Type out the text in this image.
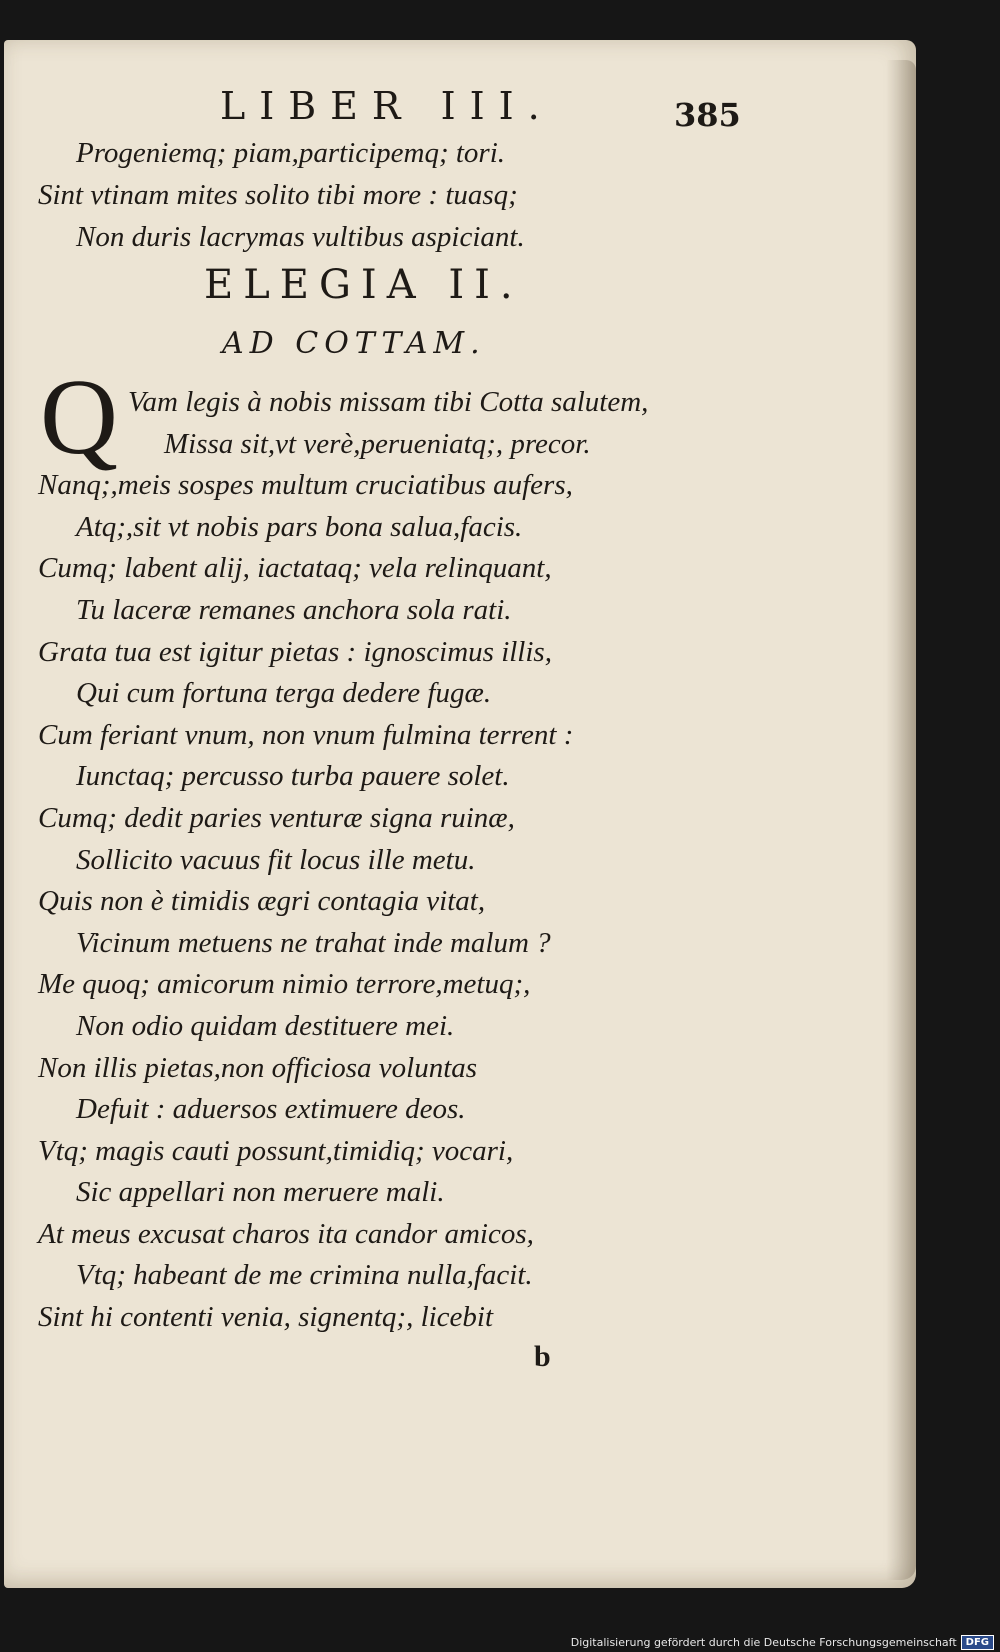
LIBER III.	385
Progeniemq; piam,participemq; tori.
Sint vtinam mites solito tibi more : tuasq;
Non duris lacrymas vultibus aspiciant.
ELEGIA II.
AD COTTAM.
Q Vam legis à nobis missam tibi Cotta salutem,
Missa sit,vt verè,perueniatq;, precor.
Nanq;,meis sospes multum cruciatibus aufers,
Atq;,sit vt nobis pars bona salua,facis.
Cumq; labent alij, iactataq; vela relinquant,
Tu laceræ remanes anchora sola rati.
Grata tua est igitur pietas : ignoscimus illis,
Qui cum fortuna terga dedere fugæ.
Cum feriant vnum, non vnum fulmina terrent :
Iunctaq; percusso turba pauere solet.
Cumq; dedit paries venturæ signa ruinæ,
Sollicito vacuus fit locus ille metu.
Quis non è timidis ægri contagia vitat,
Vicinum metuens ne trahat inde malum ?
Me quoq; amicorum nimio terrore,metuq;,
Non odio quidam destituere mei.
Non illis pietas,non officiosa voluntas
Defuit : aduersos extimuere deos.
Vtq; magis cauti possunt,timidiq; vocari,
Sic appellari non meruere mali.
At meus excusat charos ita candor amicos,
Vtq; habeant de me crimina nulla,facit.
Sint hi contenti venia, signentq;, licebit
b
Digitalisierung gefördert durch die Deutsche Forschungsgemeinschaft DFG
